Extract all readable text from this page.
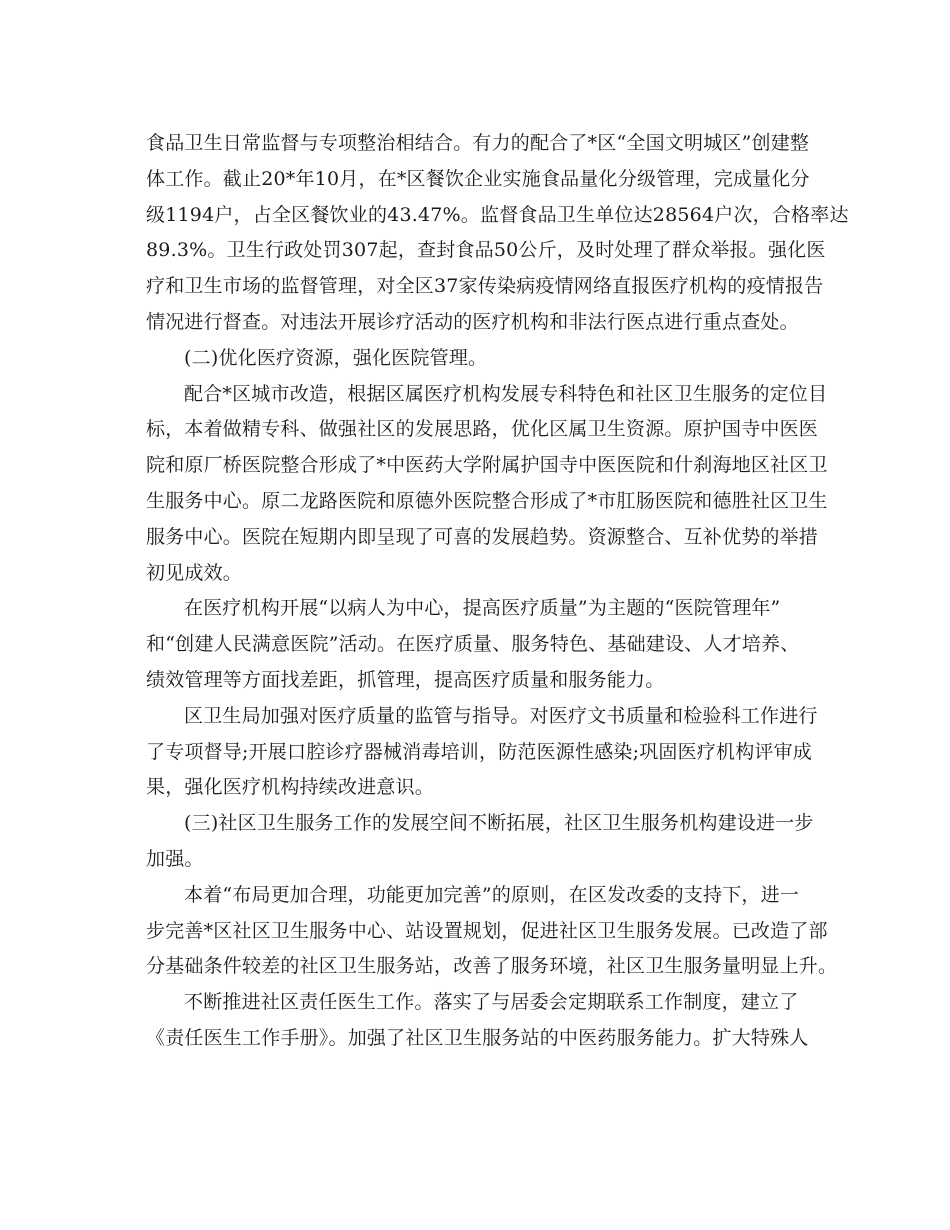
食品卫生日常监督与专项整治相结合。有力的配合了*区“全国文明城区”创建整
体工作。截止20*年10月，在*区餐饮企业实施食品量化分级管理，完成量化分
级1194户，占全区餐饮业的43.47%。监督食品卫生单位达28564户次，合格率达
89.3%。卫生行政处罚307起，查封食品50公斤，及时处理了群众举报。强化医
疗和卫生市场的监督管理，对全区37家传染病疫情网络直报医疗机构的疫情报告
情况进行督查。对违法开展诊疗活动的医疗机构和非法行医点进行重点查处。
(二)优化医疗资源，强化医院管理。
配合*区城市改造，根据区属医疗机构发展专科特色和社区卫生服务的定位目
标，本着做精专科、做强社区的发展思路，优化区属卫生资源。原护国寺中医医
院和原厂桥医院整合形成了*中医药大学附属护国寺中医医院和什刹海地区社区卫
生服务中心。原二龙路医院和原德外医院整合形成了*市肛肠医院和德胜社区卫生
服务中心。医院在短期内即呈现了可喜的发展趋势。资源整合、互补优势的举措
初见成效。
在医疗机构开展“以病人为中心，提高医疗质量”为主题的“医院管理年”
和“创建人民满意医院”活动。在医疗质量、服务特色、基础建设、人才培养、
绩效管理等方面找差距，抓管理，提高医疗质量和服务能力。
区卫生局加强对医疗质量的监管与指导。对医疗文书质量和检验科工作进行
了专项督导;开展口腔诊疗器械消毒培训，防范医源性感染;巩固医疗机构评审成
果，强化医疗机构持续改进意识。
(三)社区卫生服务工作的发展空间不断拓展，社区卫生服务机构建设进一步
加强。
本着“布局更加合理，功能更加完善”的原则，在区发改委的支持下，进一
步完善*区社区卫生服务中心、站设置规划，促进社区卫生服务发展。已改造了部
分基础条件较差的社区卫生服务站，改善了服务环境，社区卫生服务量明显上升。
不断推进社区责任医生工作。落实了与居委会定期联系工作制度，建立了
《责任医生工作手册》。加强了社区卫生服务站的中医药服务能力。扩大特殊人
